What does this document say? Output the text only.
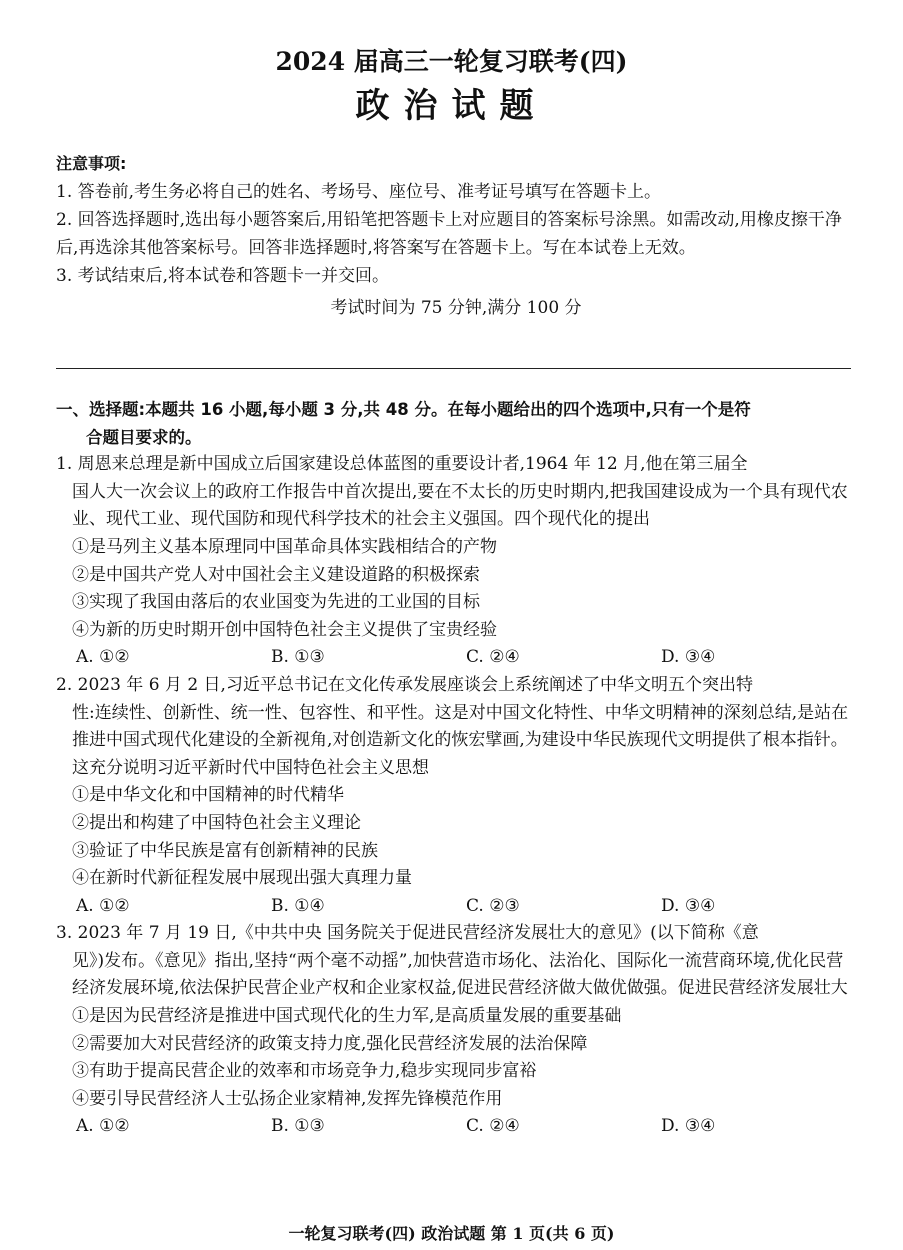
2024 届高三一轮复习联考(四)
政治试题

注意事项:

1. 答卷前,考生务必将自己的姓名、考场号、座位号、准考证号填写在答题卡上。

2. 回答选择题时,选出每小题答案后,用铅笔把答题卡上对应题目的答案标号涂黑。如需改动,用橡皮擦干净后,再选涂其他答案标号。回答非选择题时,将答案写在答题卡上。写在本试卷上无效。

3. 考试结束后,将本试卷和答题卡一并交回。

考试时间为 75 分钟,满分 100 分

一、选择题:本题共 16 小题,每小题 3 分,共 48 分。在每小题给出的四个选项中,只有一个是符
合题目要求的。

1. 周恩来总理是新中国成立后国家建设总体蓝图的重要设计者,1964 年 12 月,他在第三届全
国人大一次会议上的政府工作报告中首次提出,要在不太长的历史时期内,把我国建设成为一个具有现代农业、现代工业、现代国防和现代科学技术的社会主义强国。四个现代化的提出

①是马列主义基本原理同中国革命具体实践相结合的产物

②是中国共产党人对中国社会主义建设道路的积极探索

③实现了我国由落后的农业国变为先进的工业国的目标

④为新的历史时期开创中国特色社会主义提供了宝贵经验

A. ①②	B. ①③	C. ②④	D. ③④

2. 2023 年 6 月 2 日,习近平总书记在文化传承发展座谈会上系统阐述了中华文明五个突出特
性:连续性、创新性、统一性、包容性、和平性。这是对中国文化特性、中华文明精神的深刻总结,是站在推进中国式现代化建设的全新视角,对创造新文化的恢宏擘画,为建设中华民族现代文明提供了根本指针。这充分说明习近平新时代中国特色社会主义思想

①是中华文化和中国精神的时代精华

②提出和构建了中国特色社会主义理论

③验证了中华民族是富有创新精神的民族

④在新时代新征程发展中展现出强大真理力量

A. ①②	B. ①④	C. ②③	D. ③④

3. 2023 年 7 月 19 日,《中共中央 国务院关于促进民营经济发展壮大的意见》(以下简称《意
见》)发布。《意见》指出,坚持“两个毫不动摇”,加快营造市场化、法治化、国际化一流营商环境,优化民营经济发展环境,依法保护民营企业产权和企业家权益,促进民营经济做大做优做强。促进民营经济发展壮大

①是因为民营经济是推进中国式现代化的生力军,是高质量发展的重要基础

②需要加大对民营经济的政策支持力度,强化民营经济发展的法治保障

③有助于提高民营企业的效率和市场竞争力,稳步实现同步富裕

④要引导民营经济人士弘扬企业家精神,发挥先锋模范作用

A. ①②	B. ①③	C. ②④	D. ③④
一轮复习联考(四) 政治试题 第 1 页(共 6 页)
